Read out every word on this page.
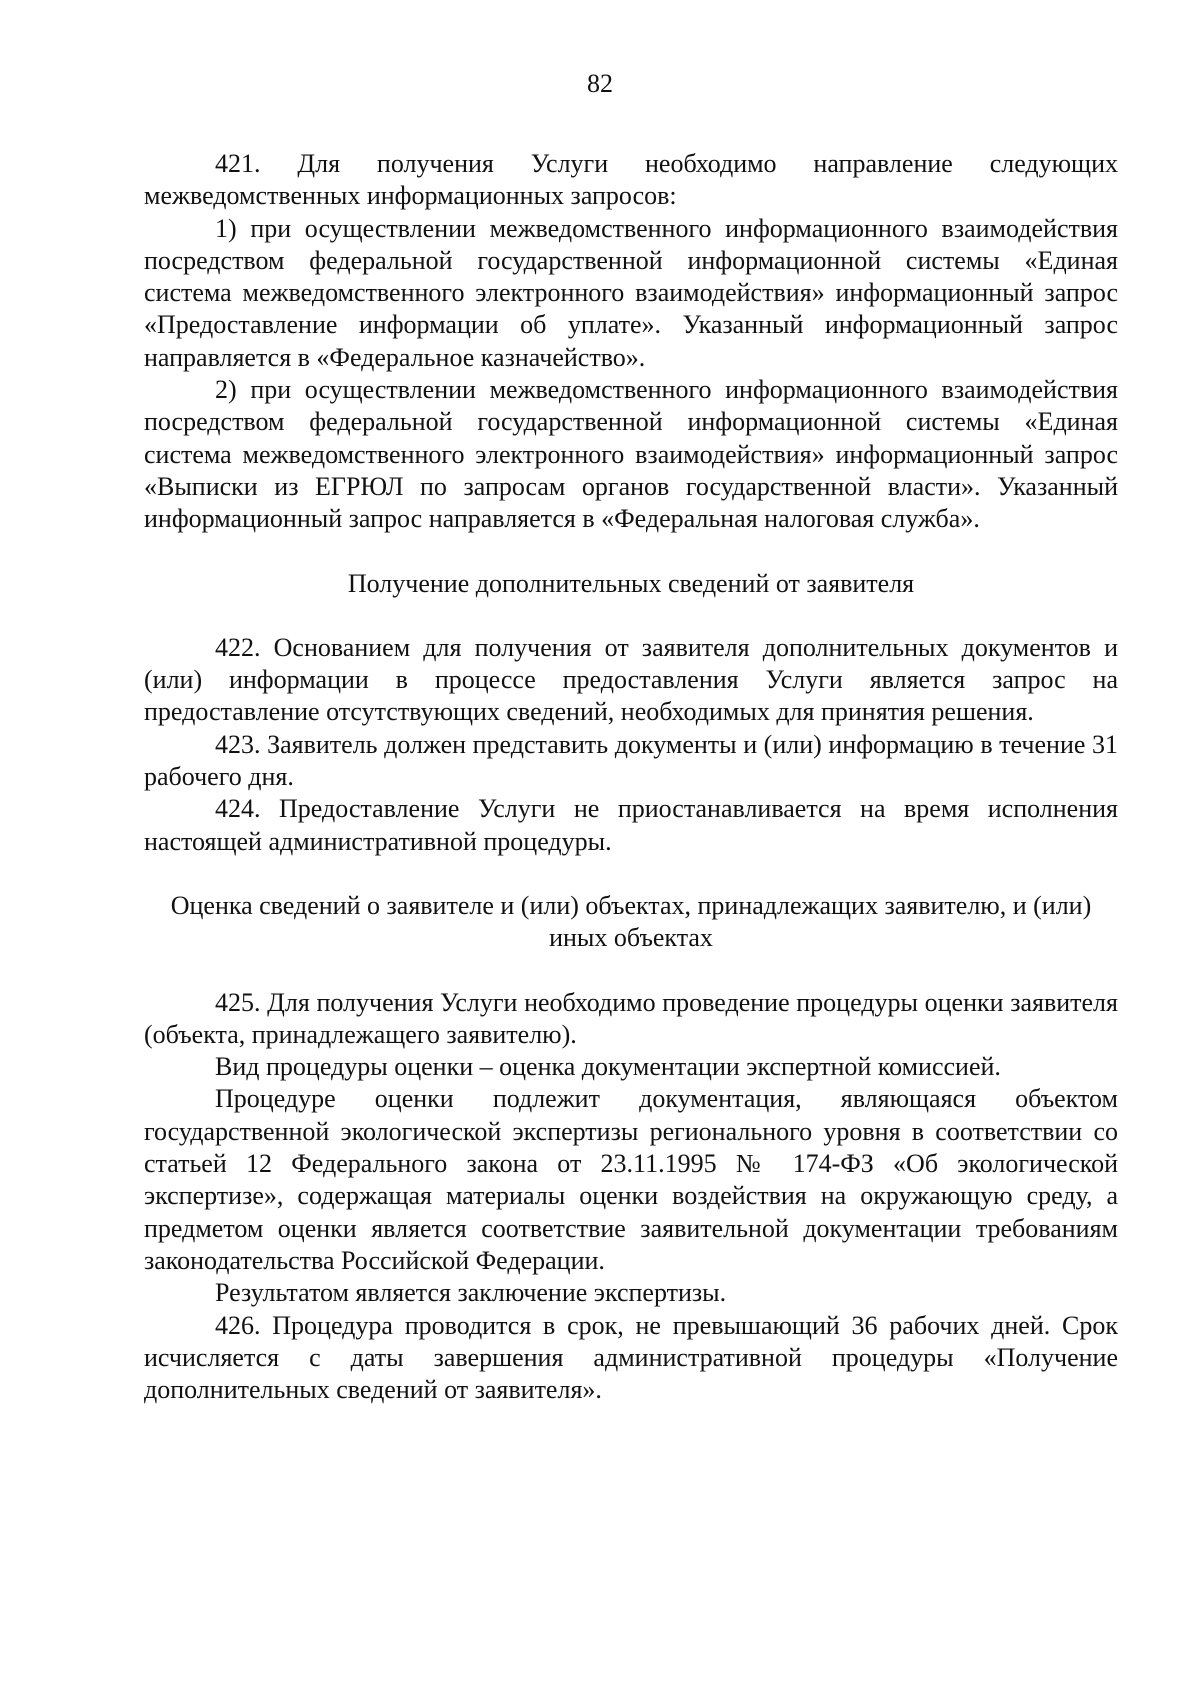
82

421. Для получения Услуги необходимо направление следующих межведомственных информационных запросов:

1) при осуществлении межведомственного информационного взаимодействия посредством федеральной государственной информационной системы «Единая система межведомственного электронного взаимодействия» информационный запрос «Предоставление информации об уплате». Указанный информационный запрос направляется в «Федеральное казначейство».

2) при осуществлении межведомственного информационного взаимодействия посредством федеральной государственной информационной системы «Единая система межведомственного электронного взаимодействия» информационный запрос «Выписки из ЕГРЮЛ по запросам органов государственной власти». Указанный информационный запрос направляется в «Федеральная налоговая служба».

Получение дополнительных сведений от заявителя

422. Основанием для получения от заявителя дополнительных документов и (или) информации в процессе предоставления Услуги является запрос на предоставление отсутствующих сведений, необходимых для принятия решения.

423. Заявитель должен представить документы и (или) информацию в течение 31 рабочего дня.

424. Предоставление Услуги не приостанавливается на время исполнения настоящей административной процедуры.

Оценка сведений о заявителе и (или) объектах, принадлежащих заявителю, и (или) иных объектах

425. Для получения Услуги необходимо проведение процедуры оценки заявителя (объекта, принадлежащего заявителю).

Вид процедуры оценки – оценка документации экспертной комиссией.

Процедуре оценки подлежит документация, являющаяся объектом государственной экологической экспертизы регионального уровня в соответствии со статьей 12 Федерального закона от 23.11.1995 № 174-ФЗ «Об экологической экспертизе», содержащая материалы оценки воздействия на окружающую среду, а предметом оценки является соответствие заявительной документации требованиям законодательства Российской Федерации.

Результатом является заключение экспертизы.

426. Процедура проводится в срок, не превышающий 36 рабочих дней. Срок исчисляется с даты завершения административной процедуры «Получение дополнительных сведений от заявителя».
